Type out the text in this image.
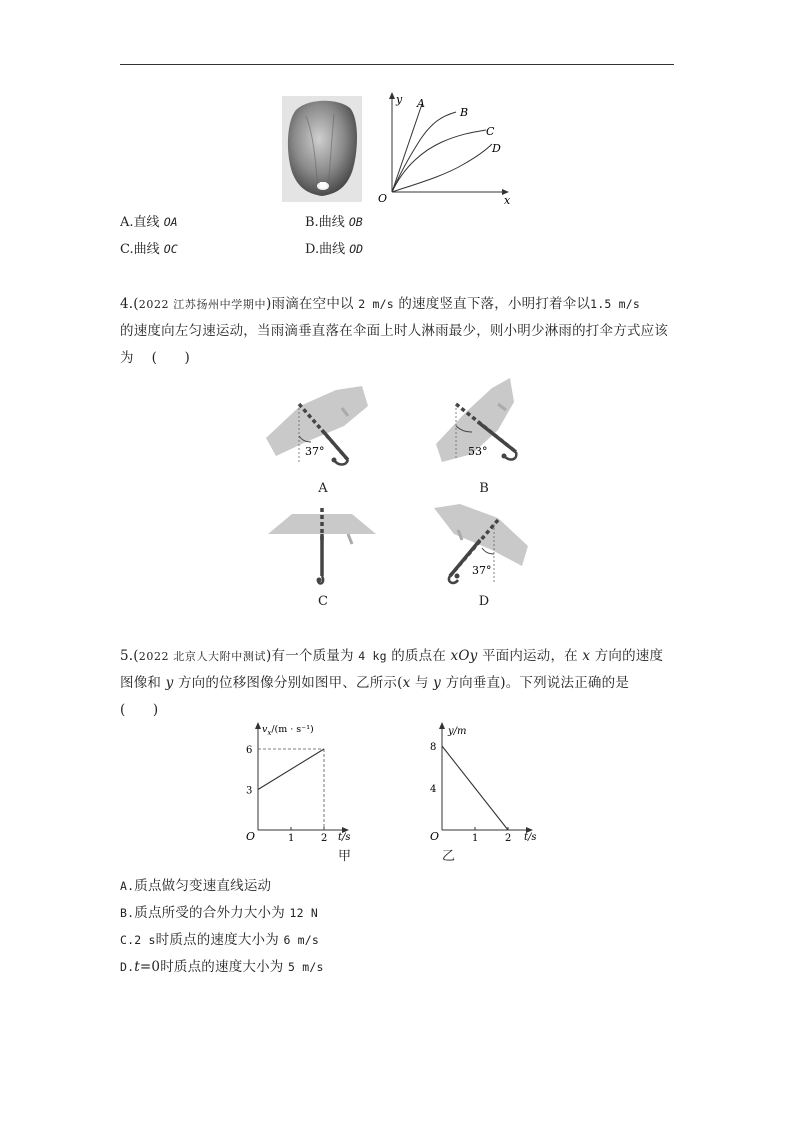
y
x
O
A
B
C
D
A.直线 OA	B.曲线 OB
C.曲线 OC	D.曲线 OD
4.(2022 江苏扬州中学期中)雨滴在空中以 2 m/s 的速度竖直下落，小明打着伞以1.5 m/s
的速度向左匀速运动，当雨滴垂直落在伞面上时人淋雨最少，则小明少淋雨的打伞方式应该
为 (　　)
37°
A
53°
B
C
37°
D
5.(2022 北京人大附中测试)有一个质量为 4 kg 的质点在 xOy 平面内运动，在 x 方向的速度
图像和 y 方向的位移图像分别如图甲、乙所示(x 与 y 方向垂直)。下列说法正确的是
(　　)
$v_x/(m \cdot s^{-1})$
t/s
O	1	2
3
6
甲
y/m
t/s
O	1	2
4
8
乙
A.质点做匀变速直线运动
B.质点所受的合外力大小为 12 N
C.2 s时质点的速度大小为 6 m/s
D.t=0时质点的速度大小为 5 m/s
